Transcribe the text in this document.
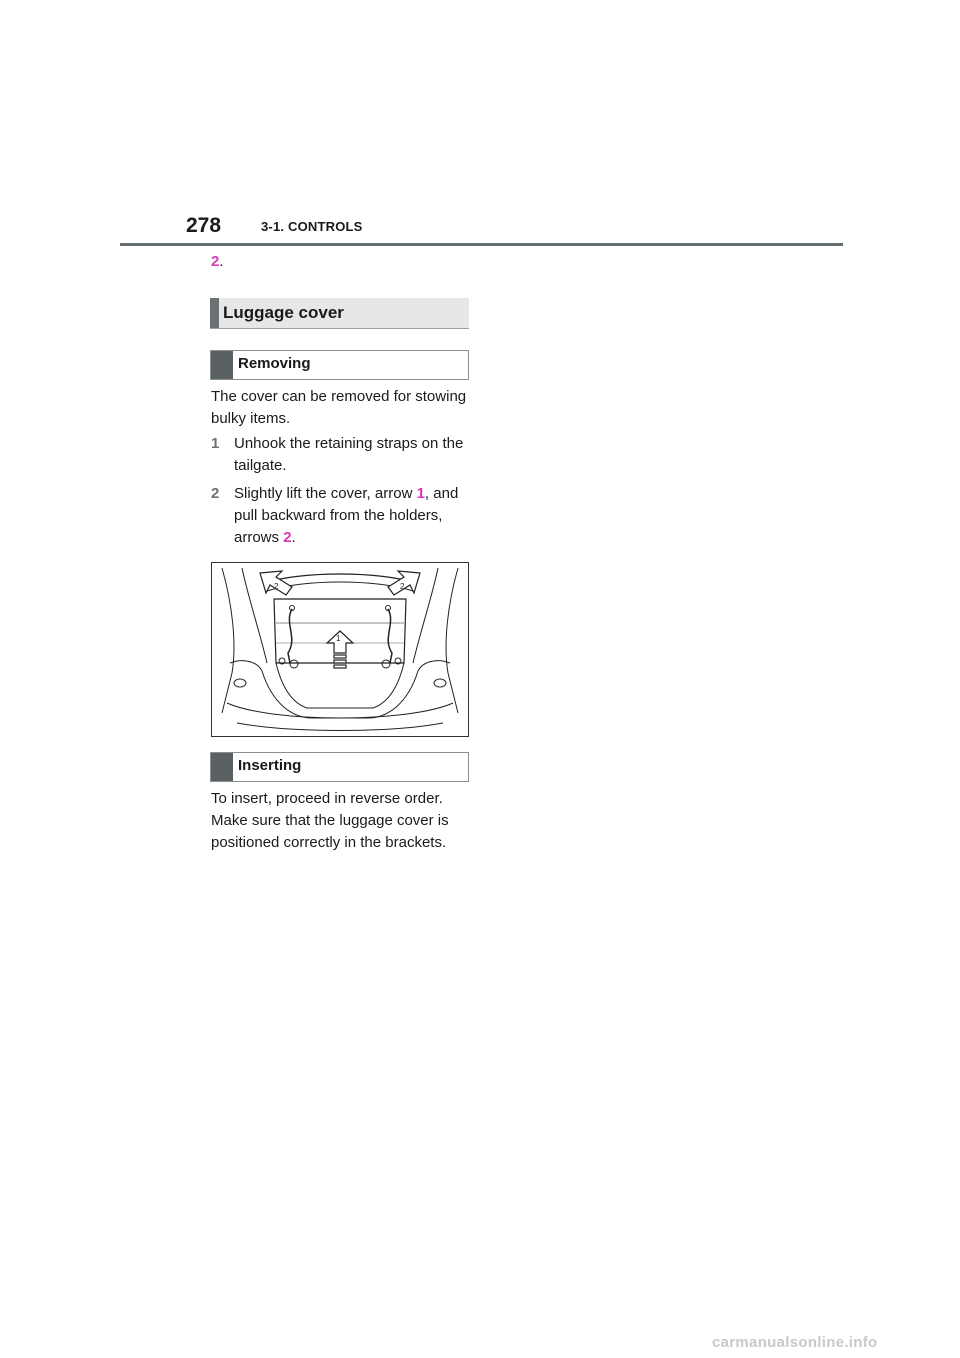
278	3-1. CONTROLS
2.
Luggage cover
Removing
The cover can be removed for stowing bulky items.
1 Unhook the retaining straps on the tailgate.
2 Slightly lift the cover, arrow 1, and pull backward from the holders, arrows 2.
1
2	2
Inserting
To insert, proceed in reverse order. Make sure that the luggage cover is positioned correctly in the brackets.
carmanualsonline.info
